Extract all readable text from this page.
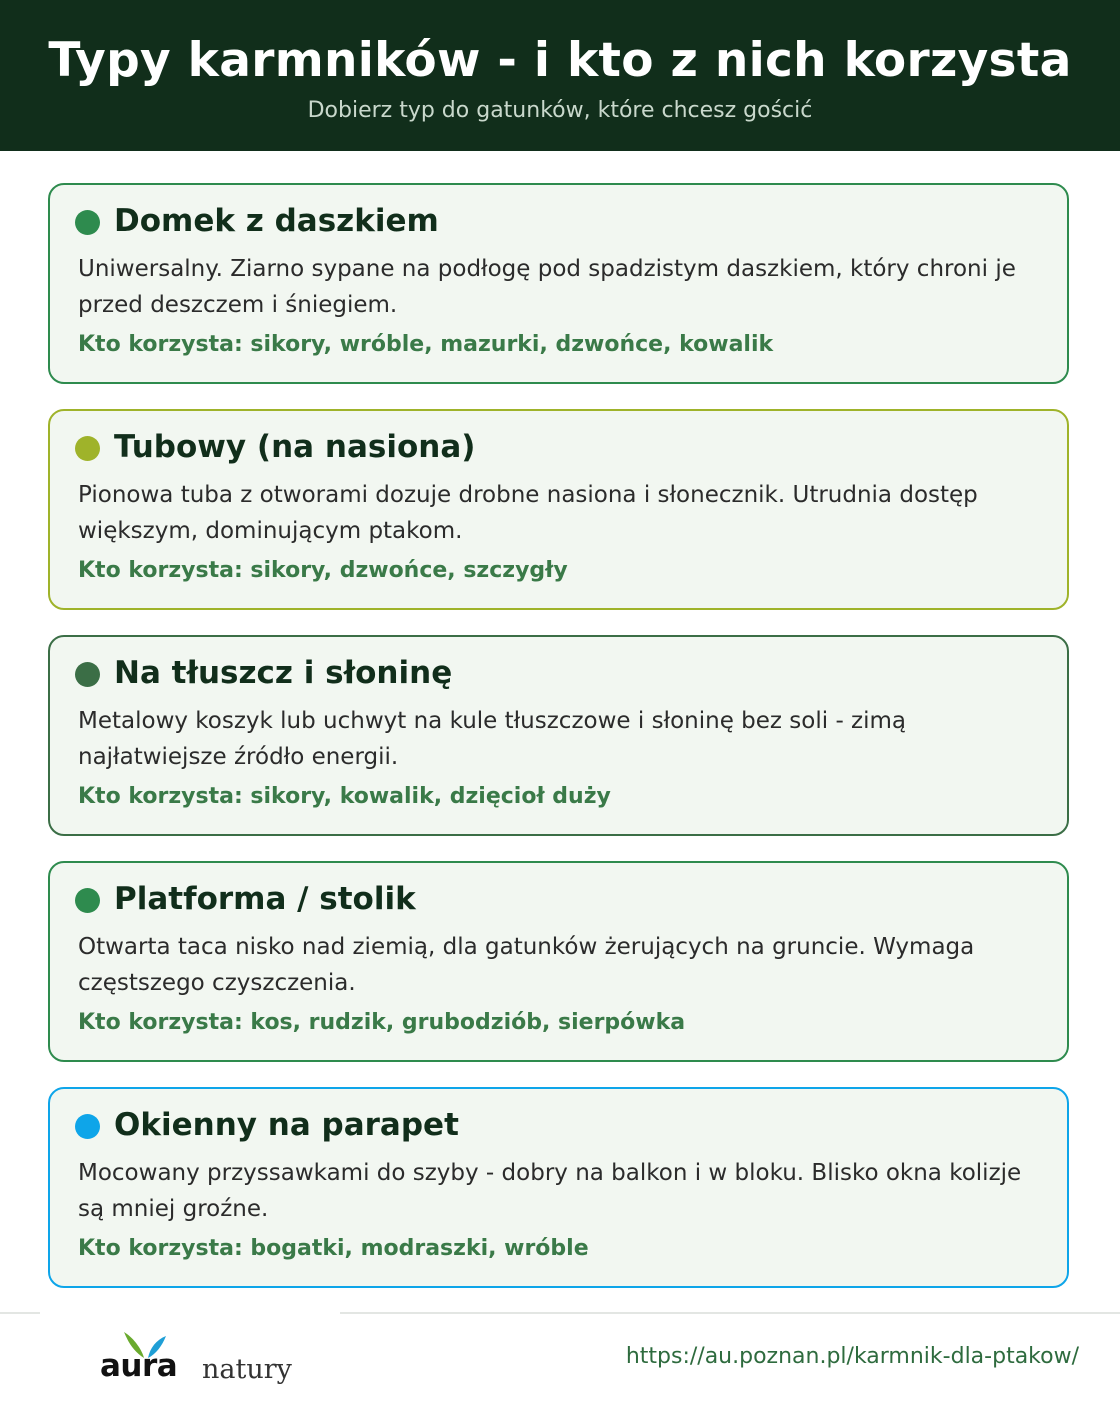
Typy karmników - i kto z nich korzysta
Dobierz typ do gatunków, które chcesz gościć
Domek z daszkiem
Uniwersalny. Ziarno sypane na podłogę pod spadzistym daszkiem, który chroni je przed deszczem i śniegiem.
Kto korzysta: sikory, wróble, mazurki, dzwońce, kowalik
Tubowy (na nasiona)
Pionowa tuba z otworami dozuje drobne nasiona i słonecznik. Utrudnia dostęp większym, dominującym ptakom.
Kto korzysta: sikory, dzwońce, szczygły
Na tłuszcz i słoninę
Metalowy koszyk lub uchwyt na kule tłuszczowe i słoninę bez soli - zimą najłatwiejsze źródło energii.
Kto korzysta: sikory, kowalik, dzięcioł duży
Platforma / stolik
Otwarta taca nisko nad ziemią, dla gatunków żerujących na gruncie. Wymaga częstszego czyszczenia.
Kto korzysta: kos, rudzik, grubodziób, sierpówka
Okienny na parapet
Mocowany przyssawkami do szyby - dobry na balkon i w bloku. Blisko okna kolizje są mniej groźne.
Kto korzysta: bogatki, modraszki, wróble
aura natury	https://au.poznan.pl/karmnik-dla-ptakow/
